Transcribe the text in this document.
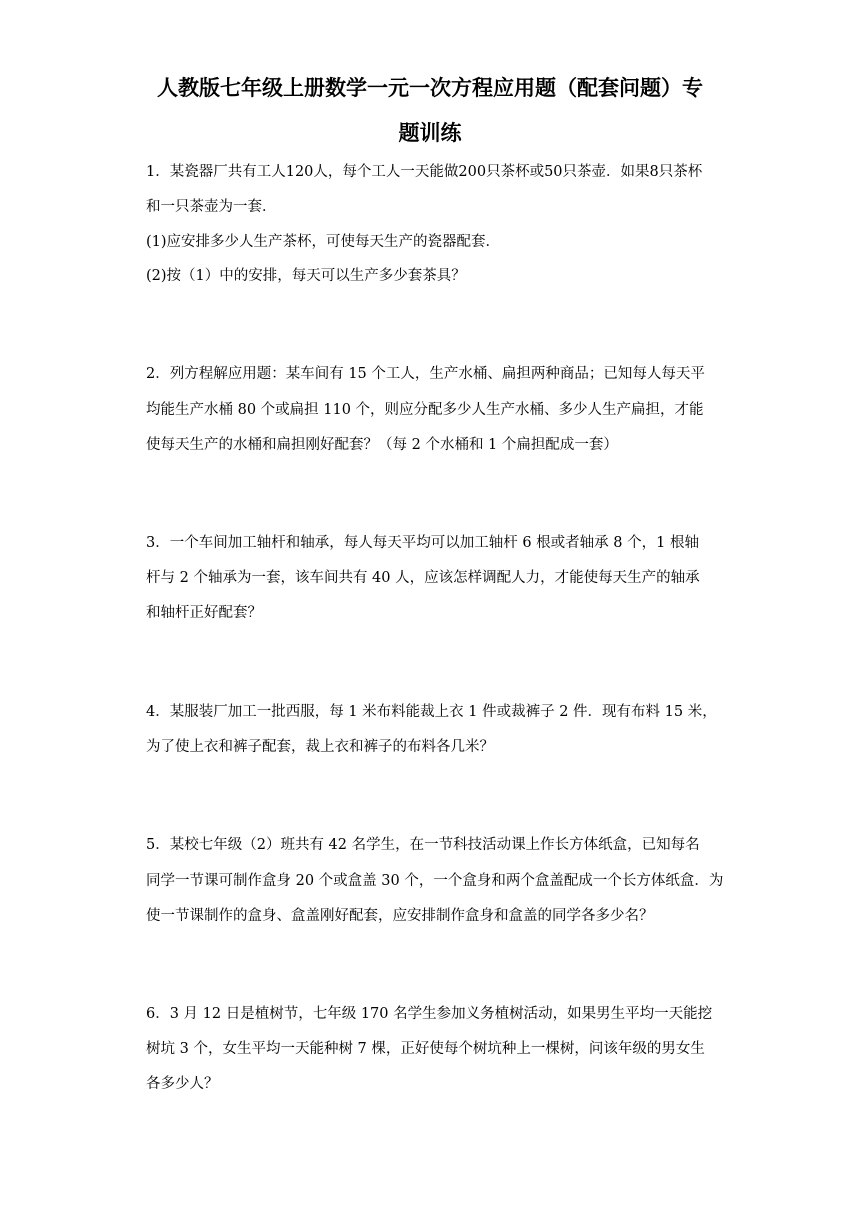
人教版七年级上册数学一元一次方程应用题（配套问题）专
题训练

1．某瓷器厂共有工人120人，每个工人一天能做200只茶杯或50只茶壶．如果8只茶杯

和一只茶壶为一套．

(1)应安排多少人生产茶杯，可使每天生产的瓷器配套．

(2)按（1）中的安排，每天可以生产多少套茶具？

2．列方程解应用题：某车间有 15 个工人，生产水桶、扁担两种商品；已知每人每天平

均能生产水桶 80 个或扁担 110 个，则应分配多少人生产水桶、多少人生产扁担，才能

使每天生产的水桶和扁担刚好配套？（每 2 个水桶和 1 个扁担配成一套）

3．一个车间加工轴杆和轴承，每人每天平均可以加工轴杆 6 根或者轴承 8 个，1 根轴

杆与 2 个轴承为一套，该车间共有 40 人，应该怎样调配人力，才能使每天生产的轴承

和轴杆正好配套？

4．某服装厂加工一批西服，每 1 米布料能裁上衣 1 件或裁裤子 2 件．现有布料 15 米，

为了使上衣和裤子配套，裁上衣和裤子的布料各几米？

5．某校七年级（2）班共有 42 名学生，在一节科技活动课上作长方体纸盒，已知每名

同学一节课可制作盒身 20 个或盒盖 30 个，一个盒身和两个盒盖配成一个长方体纸盒．为

使一节课制作的盒身、盒盖刚好配套，应安排制作盒身和盒盖的同学各多少名？

6．3 月 12 日是植树节，七年级 170 名学生参加义务植树活动，如果男生平均一天能挖

树坑 3 个，女生平均一天能种树 7 棵，正好使每个树坑种上一棵树，问该年级的男女生

各多少人？
